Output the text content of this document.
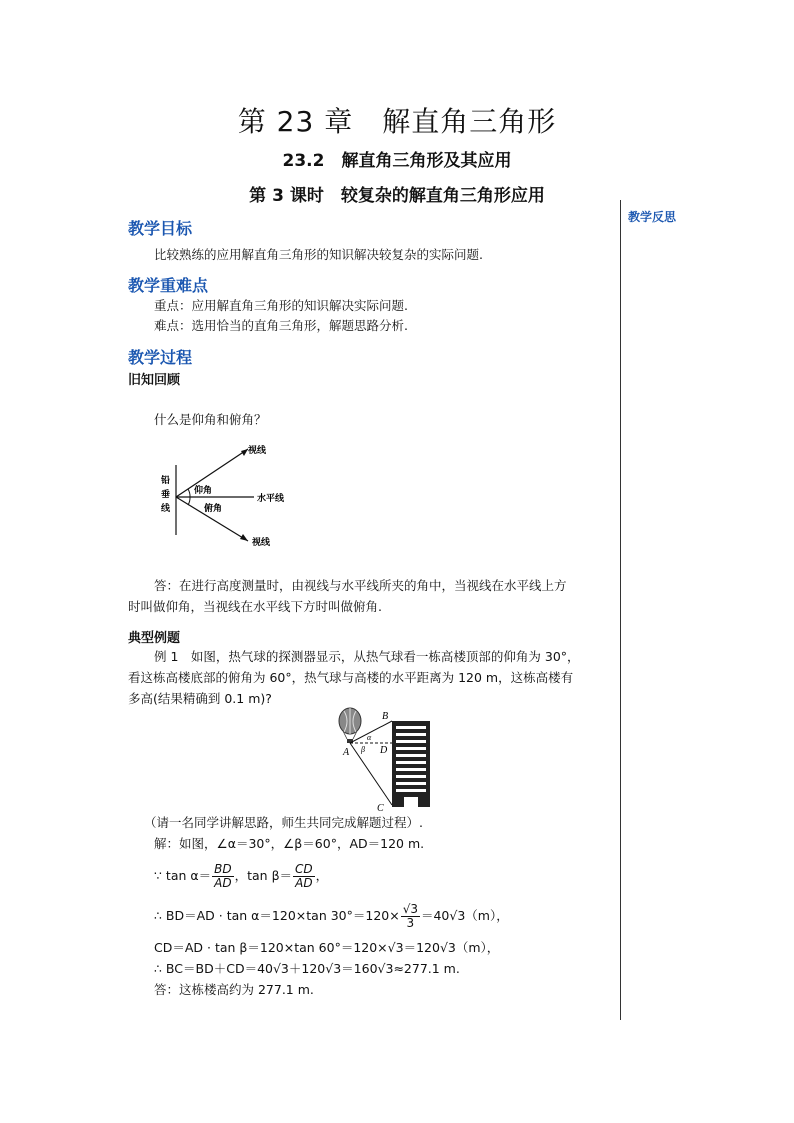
第 23 章　解直角三角形
23.2　解直角三角形及其应用
第 3 课时　较复杂的解直角三角形应用
教学反思
教学目标
比较熟练的应用解直角三角形的知识解决较复杂的实际问题.
教学重难点
重点：应用解直角三角形的知识解决实际问题.
难点：选用恰当的直角三角形，解题思路分析.
教学过程
旧知回顾
什么是仰角和俯角？
视线
视线
铅
垂
线
仰角
俯角
水平线
答：在进行高度测量时，由视线与水平线所夹的角中，当视线在水平线上方
时叫做仰角，当视线在水平线下方时叫做俯角.
典型例题
例 1　如图，热气球的探测器显示，从热气球看一栋高楼顶部的仰角为 30°，
看这栋高楼底部的俯角为 60°，热气球与高楼的水平距离为 120 m，这栋高楼有
多高(结果精确到 0.1 m)?
B
α
β D
A
C
（请一名同学讲解思路，师生共同完成解题过程）.
解：如图，∠α＝30°，∠β＝60°，AD＝120 m.
∵ $\tan \alpha= \frac{BD}{AD}$ ，$\tan \beta= \frac{CD}{AD}$ ，
∴ BD＝AD · tan α＝120×tan $30^\circ=120\times \frac{√3}{3} =40√3(m)$，
CD＝AD · tan β＝120×tan 60°＝120×√3＝120√3（m），
∴ BC＝BD＋CD＝40√3＋120√3＝160√3≈277.1 m.
答：这栋楼高约为 277.1 m.
